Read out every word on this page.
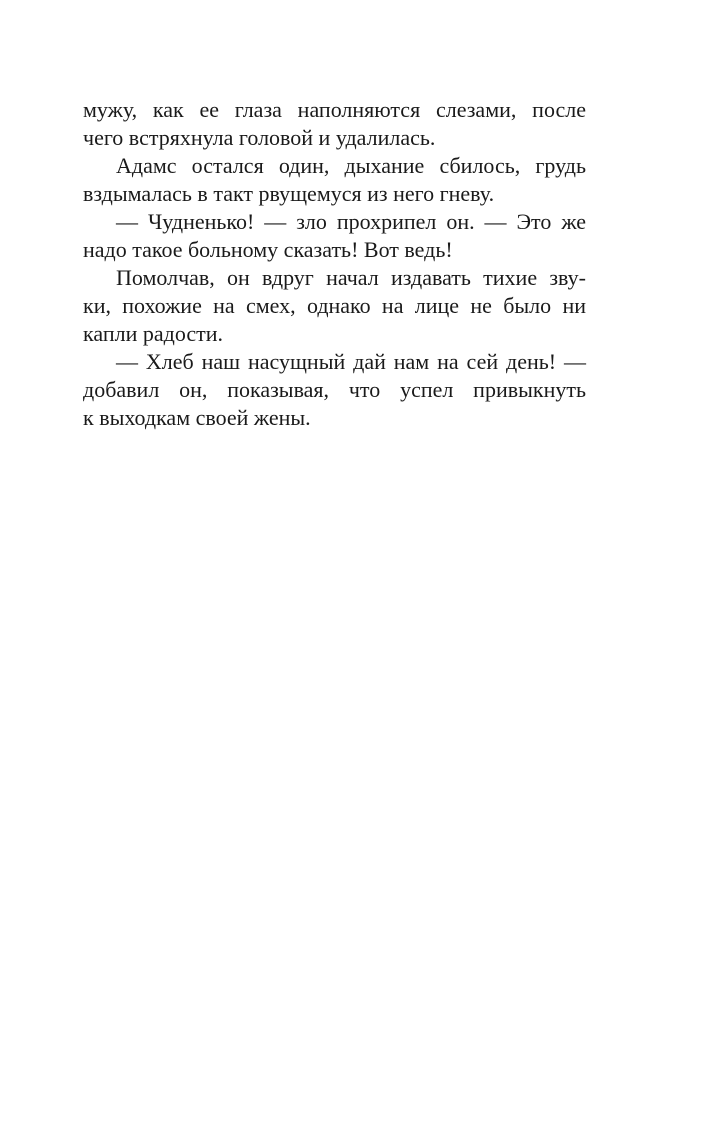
мужу, как ее глаза наполняются слезами, после
чего встряхнула головой и удалилась.
Адамс остался один, дыхание сбилось, грудь
вздымалась в такт рвущемуся из него гневу.
— Чудненько! — зло прохрипел он. — Это же
надо такое больному сказать! Вот ведь!
Помолчав, он вдруг начал издавать тихие зву-
ки, похожие на смех, однако на лице не было ни
капли радости.
— Хлеб наш насущный дай нам на сей день! —
добавил он, показывая, что успел привыкнуть
к выходкам своей жены.
